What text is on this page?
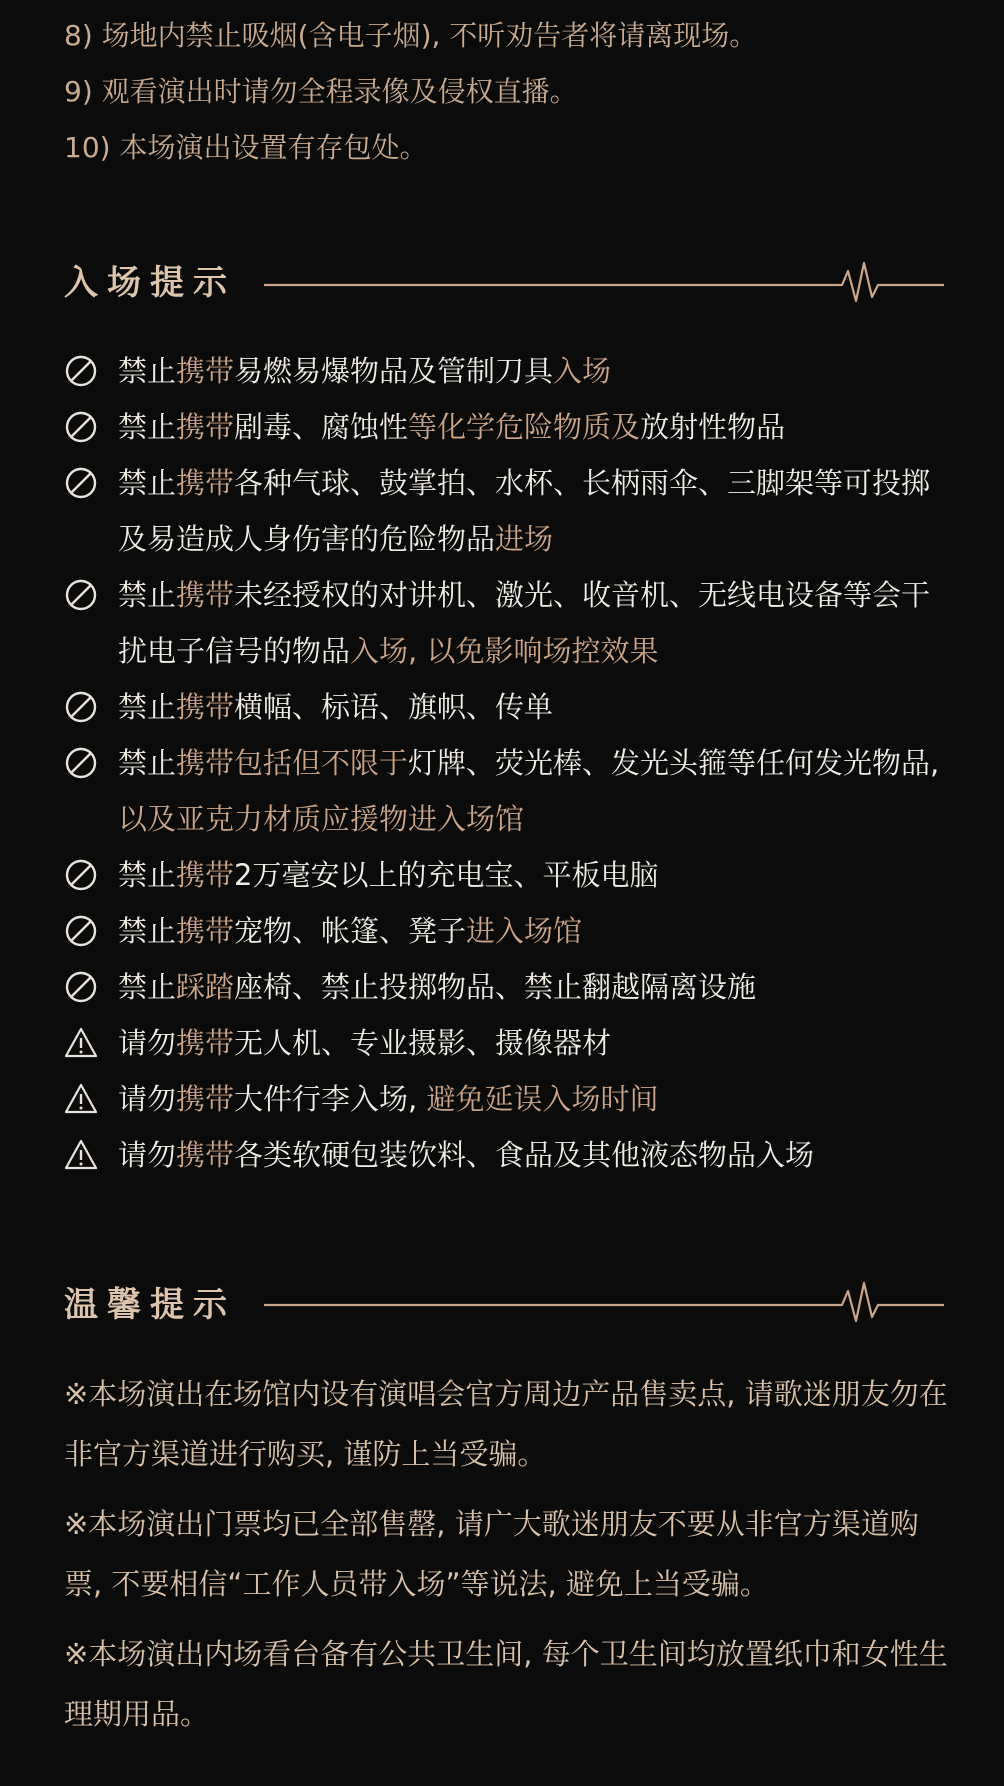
8) 场地内禁止吸烟(含电子烟), 不听劝告者将请离现场。
9) 观看演出时请勿全程录像及侵权直播。
10) 本场演出设置有存包处。
入场提示
禁止携带易燃易爆物品及管制刀具入场
禁止携带剧毒、腐蚀性等化学危险物质及放射性物品
禁止携带各种气球、鼓掌拍、水杯、长柄雨伞、三脚架等可投掷及易造成人身伤害的危险物品进场
禁止携带未经授权的对讲机、激光、收音机、无线电设备等会干扰电子信号的物品入场, 以免影响场控效果
禁止携带横幅、标语、旗帜、传单
禁止携带包括但不限于灯牌、荧光棒、发光头箍等任何发光物品, 以及亚克力材质应援物进入场馆
禁止携带2万毫安以上的充电宝、平板电脑
禁止携带宠物、帐篷、凳子进入场馆
禁止踩踏座椅、禁止投掷物品、禁止翻越隔离设施
请勿携带无人机、专业摄影、摄像器材
请勿携带大件行李入场, 避免延误入场时间
请勿携带各类软硬包装饮料、食品及其他液态物品入场
温馨提示

※本场演出在场馆内设有演唱会官方周边产品售卖点, 请歌迷朋友勿在非官方渠道进行购买, 谨防上当受骗。

※本场演出门票均已全部售罄, 请广大歌迷朋友不要从非官方渠道购票, 不要相信“工作人员带入场”等说法, 避免上当受骗。

※本场演出内场看台备有公共卫生间, 每个卫生间均放置纸巾和女性生理期用品。
